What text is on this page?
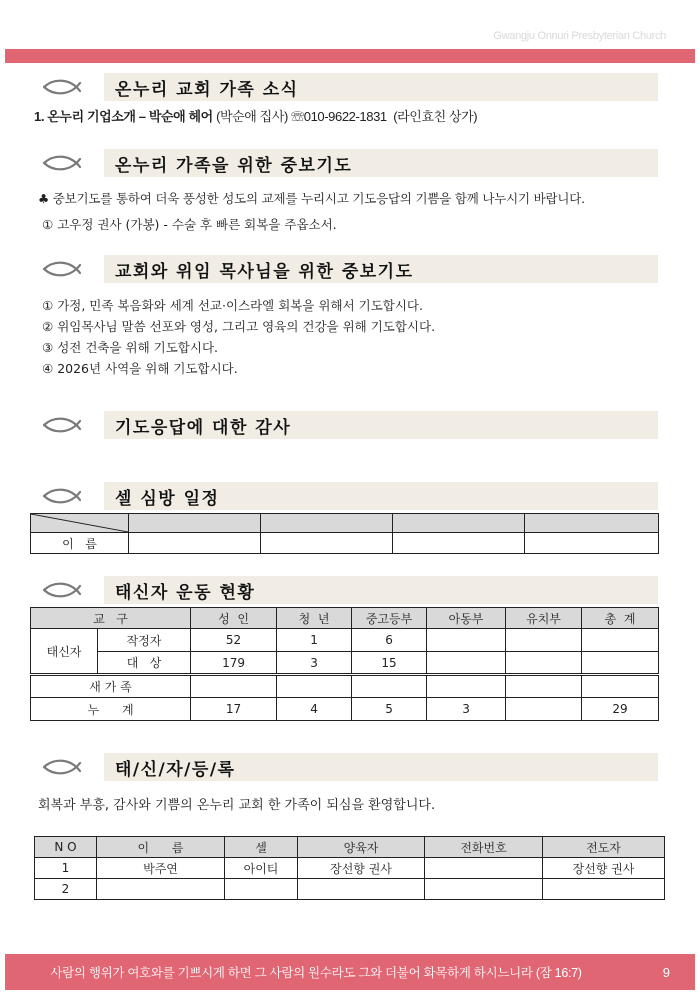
Gwangju Onnuri Presbyterian Church
온누리 교회 가족 소식
1. 온누리 기업소개 – 박순애 헤어 (박순애 집사) ☏010-9622-1831 (라인효친 상가)
온누리 가족을 위한 중보기도
♣ 중보기도를 통하여 더욱 풍성한 성도의 교제를 누리시고 기도응답의 기쁨을 함께 나누시기 바랍니다.
① 고우정 권사 (가봉) - 수술 후 빠른 회복을 주옵소서.
교회와 위임 목사님을 위한 중보기도
① 가정, 민족 복음화와 세계 선교·이스라엘 회복을 위해서 기도합시다.
② 위임목사님 말씀 선포와 영성, 그리고 영육의 건강을 위해 기도합시다.
③ 성전 건축을 위해 기도합시다.
④ 2026년 사역을 위해 기도합시다.
기도응답에 대한 감사
셀 심방 일정

이   름				
태신자 운동 현황
교   구		성  인	청  년	중고등부	아동부	유치부	총  계
태신자	작정자	52	1	6			
	대   상	179	3	15			
새 가 족							
누      계		17	4	5	3		29
태/신/자/등/록
회복과 부흥, 감사와 기쁨의 온누리 교회 한 가족이 되심을 환영합니다.
N O	이      름	셀	양육자	전화번호	전도자
1	박주연	아이티	장선향 권사		장선향 권사
2					
사람의 행위가 여호와를 기쁘시게 하면 그 사람의 원수라도 그와 더불어 화목하게 하시느니라 (잠 16:7)	9
